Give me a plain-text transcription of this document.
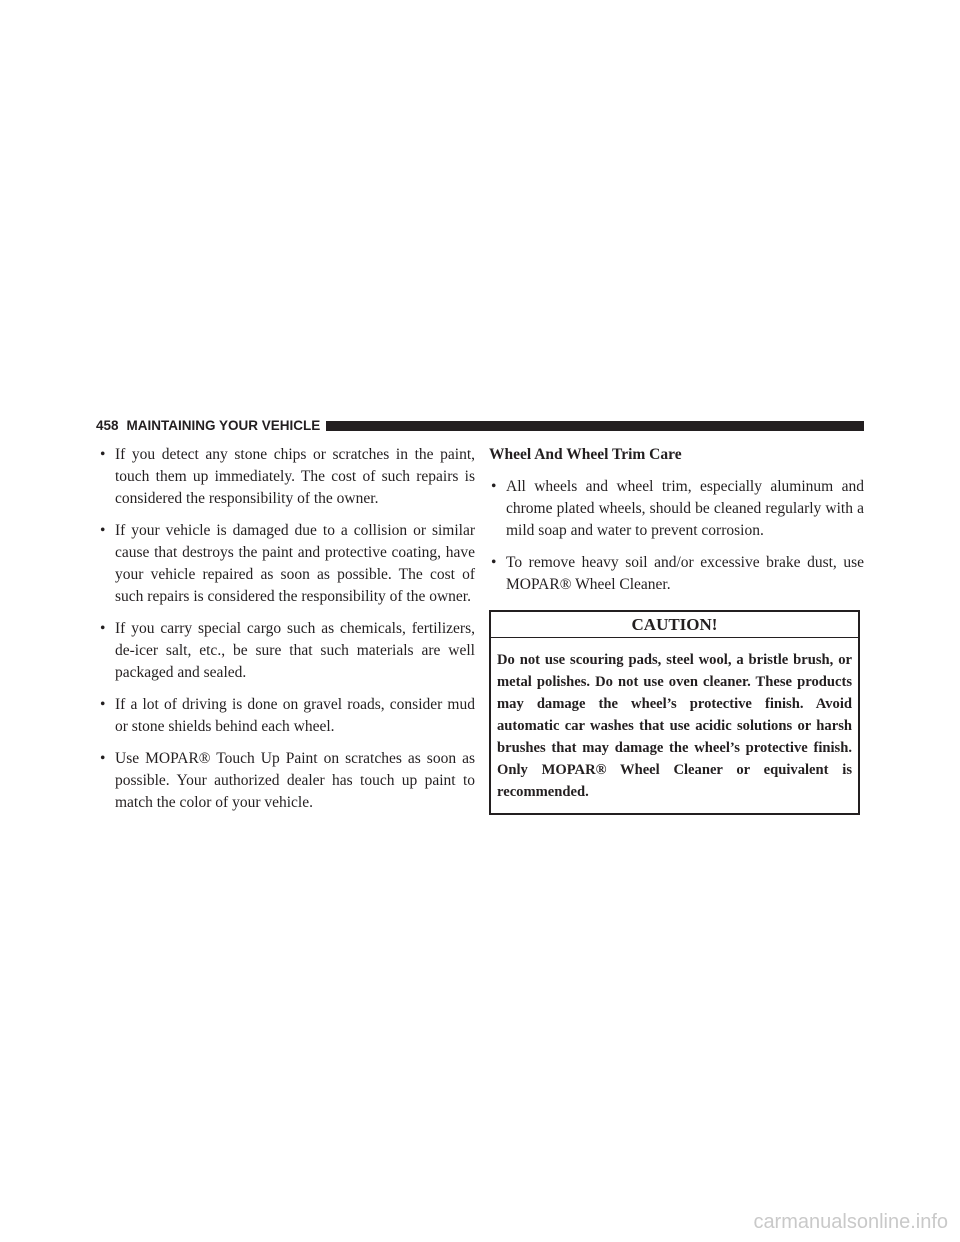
458 MAINTAINING YOUR VEHICLE
• If you detect any stone chips or scratches in the paint, touch them up immediately. The cost of such repairs is considered the responsibility of the owner.
• If your vehicle is damaged due to a collision or similar cause that destroys the paint and protective coating, have your vehicle repaired as soon as possible. The cost of such repairs is considered the responsibility of the owner.
• If you carry special cargo such as chemicals, fertilizers, de-icer salt, etc., be sure that such materials are well packaged and sealed.
• If a lot of driving is done on gravel roads, consider mud or stone shields behind each wheel.
• Use MOPAR® Touch Up Paint on scratches as soon as possible. Your authorized dealer has touch up paint to match the color of your vehicle.
Wheel And Wheel Trim Care
• All wheels and wheel trim, especially aluminum and chrome plated wheels, should be cleaned regularly with a mild soap and water to prevent corrosion.
• To remove heavy soil and/or excessive brake dust, use MOPAR® Wheel Cleaner.
CAUTION!
Do not use scouring pads, steel wool, a bristle brush, or metal polishes. Do not use oven cleaner. These products may damage the wheel’s protective finish. Avoid automatic car washes that use acidic solutions or harsh brushes that may damage the wheel’s protective finish. Only MOPAR® Wheel Cleaner or equivalent is recommended.
carmanualsonline.info
